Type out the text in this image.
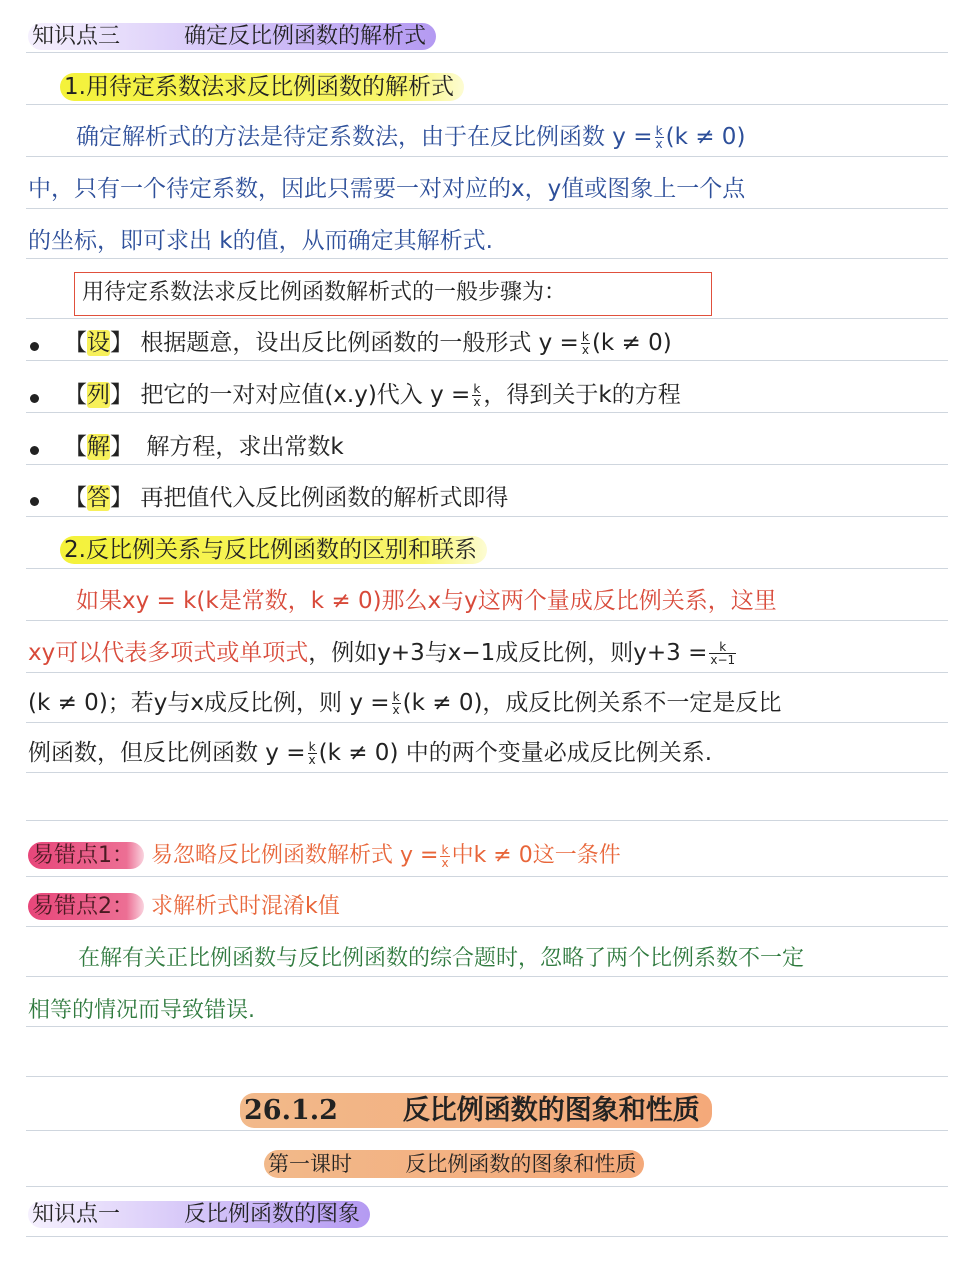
知识点三	确定反比例函数的解析式
1.用待定系数法求反比例函数的解析式
确定解析式的方法是待定系数法，由于在反比例函数 $y = \frac{k}{x} (k \ne 0)$
中，只有一个待定系数，因此只需要一对对应的x，y值或图象上一个点
的坐标，即可求出 k的值，从而确定其解析式.
用待定系数法求反比例函数解析式的一般步骤为：
【设】 根据题意，设出反比例函数的一般形式 $y = \frac{k}{x} (k \ne 0)$
【列】 把它的一对对应值(x.y)代入 $y = \frac{k}{x}$ ，得到关于k的方程
【解】 解方程，求出常数k
【答】 再把值代入反比例函数的解析式即得
2.反比例关系与反比例函数的区别和联系
如果xy = k(k是常数，k ≠ 0)那么x与y这两个量成反比例关系，这里
xy可以代表多项式或单项式，例如y+3与x−1成反比例，则$y+3 = \frac{k}{x-1}$
(k ≠ 0)；若y与x成反比例，则 $y = \frac{k}{x} (k \ne 0)$，成反比例关系不一定是反比
例函数，但反比例函数 $y = \frac{k}{x} (k \ne 0)$ 中的两个变量必成反比例关系.
易错点1： 易忽略反比例函数解析式 $y = \frac{k}{x}$ 中k ≠ 0这一条件
易错点2： 求解析式时混淆k值
在解有关正比例函数与反比例函数的综合题时，忽略了两个比例系数不一定
相等的情况而导致错误.
26.1.2 反比例函数的图象和性质
第一课时	反比例函数的图象和性质
知识点一	反比例函数的图象
